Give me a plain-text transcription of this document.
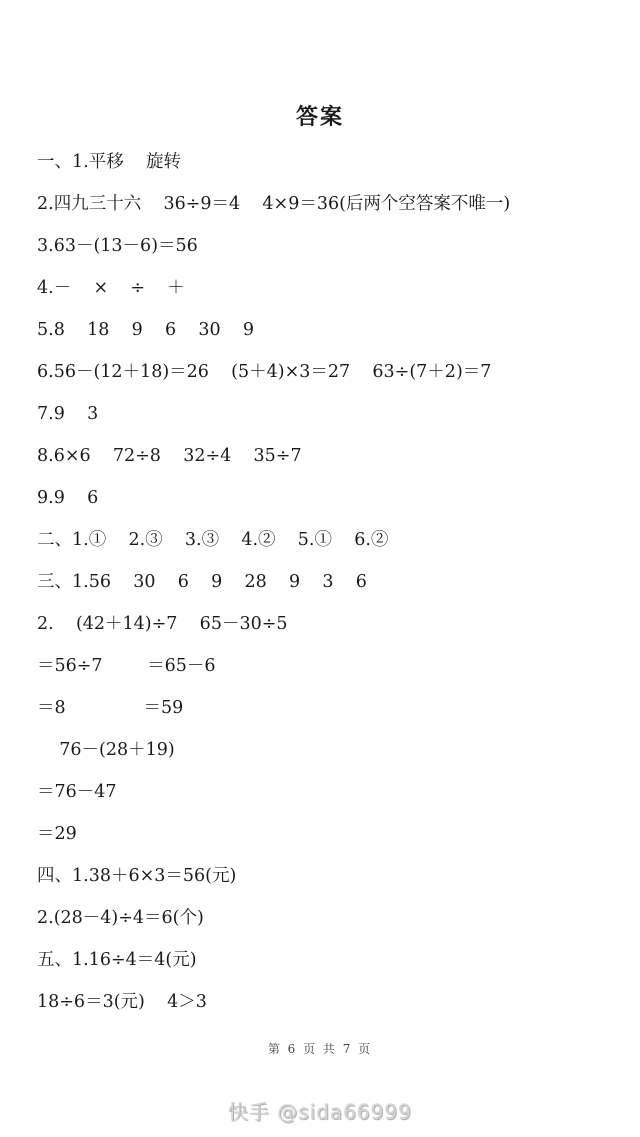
答案
一、1.平移    旋转
2.四九三十六    36÷9＝4    4×9＝36(后两个空答案不唯一)
3.63－(13－6)＝56
4.－    ×    ÷    ＋
5.8    18    9    6    30    9
6.56－(12＋18)＝26    (5＋4)×3＝27    63÷(7＋2)＝7
7.9    3
8.6×6    72÷8    32÷4    35÷7
9.9    6
二、1.①    2.③    3.③    4.②    5.①    6.②
三、1.56    30    6    9    28    9    3    6
2.    (42＋14)÷7    65－30÷5
＝56÷7        ＝65－6
＝8              ＝59
76－(28＋19)
＝76－47
＝29
四、1.38＋6×3＝56(元)
2.(28－4)÷4＝6(个)
五、1.16÷4＝4(元)
18÷6＝3(元)    4＞3
第 6 页 共 7 页
快手 @sida66999
